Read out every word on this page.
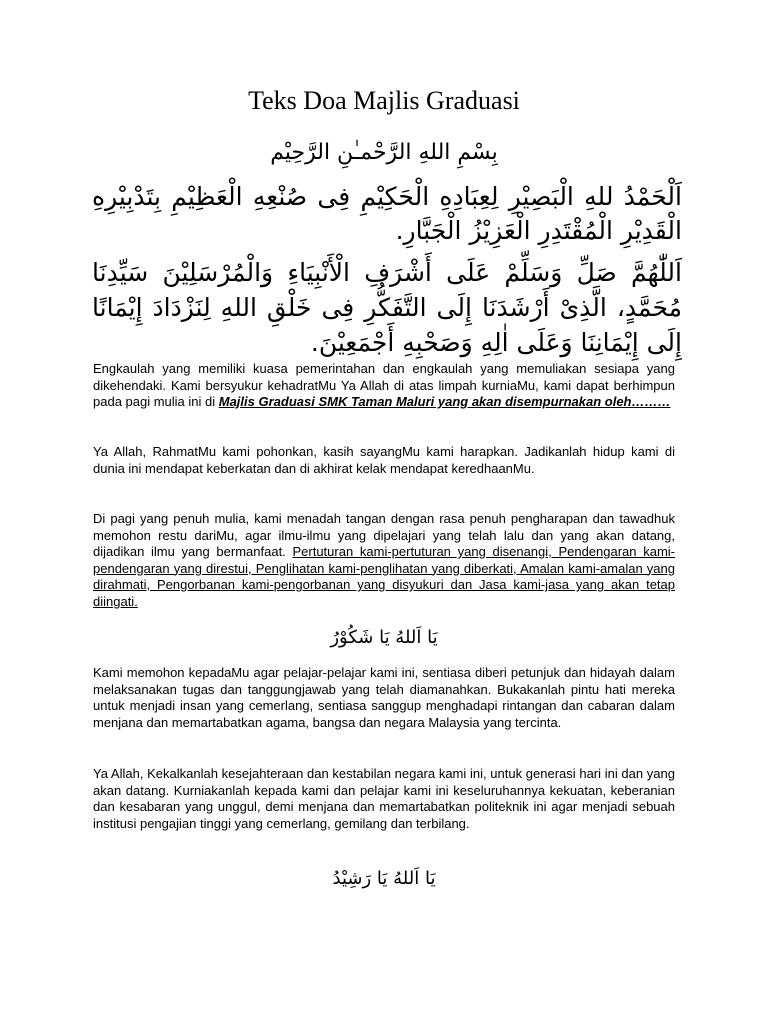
Teks Doa Majlis Graduasi
بِسْمِ اللهِ الرَّحْمـٰنِ الرَّحِيْم
اَلْحَمْدُ للهِ الْبَصِيْرِ لِعِبَادِهِ الْحَكِيْمِ فِى صُنْعِهِ الْعَظِيْمِ بِتَدْبِيْرِهِ الْقَدِيْرِ الْمُقْتَدِرِ الْعَزِيْزُ الْجَبَّارِ.
اَللّٰهُمَّ صَلِّ وَسَلِّمْ عَلَى أَشْرَفِ الْأَنْبِيَاءِ وَالْمُرْسَلِيْنَ سَيِّدِنَا مُحَمَّدٍ، الَّذِىْ أَرْشَدَنَا إِلَى التَّفَكُّرِ فِى خَلْقِ اللهِ لِنَزْدَادَ إِيْمَانًا إِلَى إِيْمَانِنَا وَعَلَى اٰلِهِ وَصَحْبِهِ أَجْمَعِيْنَ.

Engkaulah yang memiliki kuasa pemerintahan dan engkaulah yang memuliakan sesiapa yang dikehendaki. Kami bersyukur kehadratMu Ya Allah di atas limpah kurniaMu, kami dapat berhimpun pada pagi mulia ini di Majlis Graduasi SMK Taman Maluri yang akan disempurnakan oleh………

Ya Allah, RahmatMu kami pohonkan, kasih sayangMu kami harapkan. Jadikanlah hidup kami di dunia ini mendapat keberkatan dan di akhirat kelak mendapat keredhaanMu.

Di pagi yang penuh mulia, kami menadah tangan dengan rasa penuh pengharapan dan tawadhuk memohon restu dariMu, agar ilmu-ilmu yang dipelajari yang telah lalu dan yang akan datang, dijadikan ilmu yang bermanfaat. Pertuturan kami-pertuturan yang disenangi, Pendengaran kami-pendengaran yang direstui, Penglihatan kami-penglihatan yang diberkati, Amalan kami-amalan yang dirahmati, Pengorbanan kami-pengorbanan yang disyukuri dan Jasa kami-jasa yang akan tetap diingati.

يَا اَللهُ يَا شَكُوْرُ

Kami memohon kepadaMu agar pelajar-pelajar kami ini, sentiasa diberi petunjuk dan hidayah dalam melaksanakan tugas dan tanggungjawab yang telah diamanahkan. Bukakanlah pintu hati mereka untuk menjadi insan yang cemerlang, sentiasa sanggup menghadapi rintangan dan cabaran dalam menjana dan memartabatkan agama, bangsa dan negara Malaysia yang tercinta.

Ya Allah, Kekalkanlah kesejahteraan dan kestabilan negara kami ini, untuk generasi hari ini dan yang akan datang. Kurniakanlah kepada kami dan pelajar kami ini keseluruhannya kekuatan, keberanian dan kesabaran yang unggul, demi menjana dan memartabatkan politeknik ini agar menjadi sebuah institusi pengajian tinggi yang cemerlang, gemilang dan terbilang.

يَا اَللهُ يَا رَشِيْدُ
